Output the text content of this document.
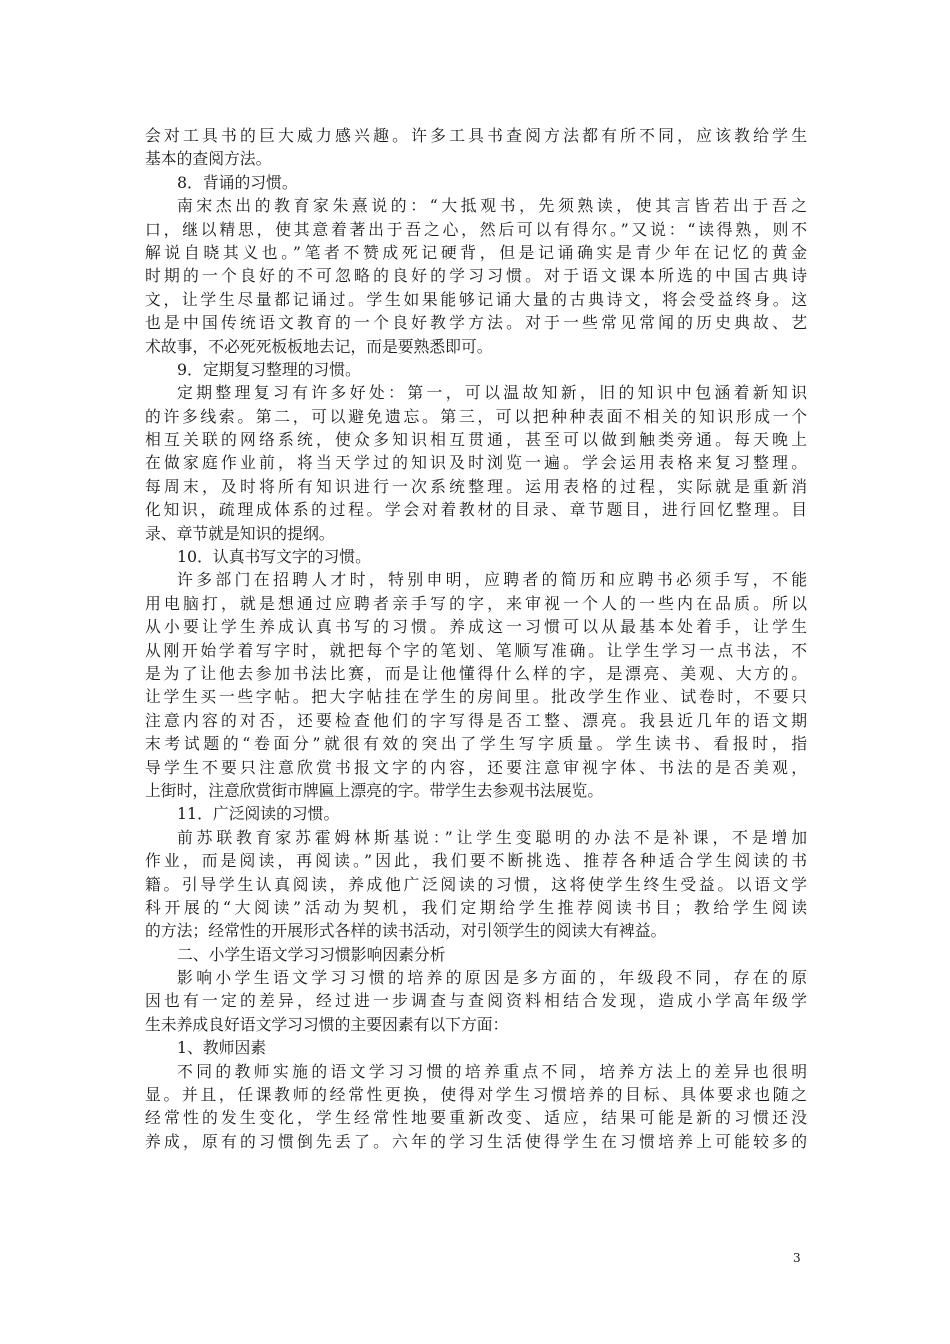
会对工具书的巨大威力感兴趣。许多工具书查阅方法都有所不同，应该教给学生
基本的查阅方法。
8．背诵的习惯。
南宋杰出的教育家朱熹说的：“大抵观书，先须熟读，使其言皆若出于吾之
口，继以精思，使其意着著出于吾之心，然后可以有得尔。”又说：“读得熟，则不
解说自晓其义也。”笔者不赞成死记硬背，但是记诵确实是青少年在记忆的黄金
时期的一个良好的不可忽略的良好的学习习惯。对于语文课本所选的中国古典诗
文，让学生尽量都记诵过。学生如果能够记诵大量的古典诗文，将会受益终身。这
也是中国传统语文教育的一个良好教学方法。对于一些常见常闻的历史典故、艺
术故事，不必死死板板地去记，而是要熟悉即可。
9．定期复习整理的习惯。
定期整理复习有许多好处：第一，可以温故知新，旧的知识中包涵着新知识
的许多线索。第二，可以避免遗忘。第三，可以把种种表面不相关的知识形成一个
相互关联的网络系统，使众多知识相互贯通，甚至可以做到触类旁通。每天晚上
在做家庭作业前，将当天学过的知识及时浏览一遍。学会运用表格来复习整理。
每周末，及时将所有知识进行一次系统整理。运用表格的过程，实际就是重新消
化知识，疏理成体系的过程。学会对着教材的目录、章节题目，进行回忆整理。目
录、章节就是知识的提纲。
10．认真书写文字的习惯。
许多部门在招聘人才时，特别申明，应聘者的简历和应聘书必须手写，不能
用电脑打，就是想通过应聘者亲手写的字，来审视一个人的一些内在品质。所以
从小要让学生养成认真书写的习惯。养成这一习惯可以从最基本处着手，让学生
从刚开始学着写字时，就把每个字的笔划、笔顺写准确。让学生学习一点书法，不
是为了让他去参加书法比赛，而是让他懂得什么样的字，是漂亮、美观、大方的。
让学生买一些字帖。把大字帖挂在学生的房间里。批改学生作业、试卷时，不要只
注意内容的对否，还要检查他们的字写得是否工整、漂亮。我县近几年的语文期
末考试题的“卷面分”就很有效的突出了学生写字质量。学生读书、看报时，指
导学生不要只注意欣赏书报文字的内容，还要注意审视字体、书法的是否美观，
上街时，注意欣赏街市牌匾上漂亮的字。带学生去参观书法展览。
11．广泛阅读的习惯。
前苏联教育家苏霍姆林斯基说：”让学生变聪明的办法不是补课，不是增加
作业，而是阅读，再阅读。”因此，我们要不断挑选、推荐各种适合学生阅读的书
籍。引导学生认真阅读，养成他广泛阅读的习惯，这将使学生终生受益。以语文学
科开展的“大阅读”活动为契机，我们定期给学生推荐阅读书目；教给学生阅读
的方法；经常性的开展形式各样的读书活动，对引领学生的阅读大有裨益。
二、小学生语文学习习惯影响因素分析
影响小学生语文学习习惯的培养的原因是多方面的，年级段不同，存在的原
因也有一定的差异，经过进一步调查与查阅资料相结合发现，造成小学高年级学
生未养成良好语文学习习惯的主要因素有以下方面：
1、教师因素
不同的教师实施的语文学习习惯的培养重点不同，培养方法上的差异也很明
显。并且，任课教师的经常性更换，使得对学生习惯培养的目标、具体要求也随之
经常性的发生变化，学生经常性地要重新改变、适应，结果可能是新的习惯还没
养成，原有的习惯倒先丢了。六年的学习生活使得学生在习惯培养上可能较多的
3
